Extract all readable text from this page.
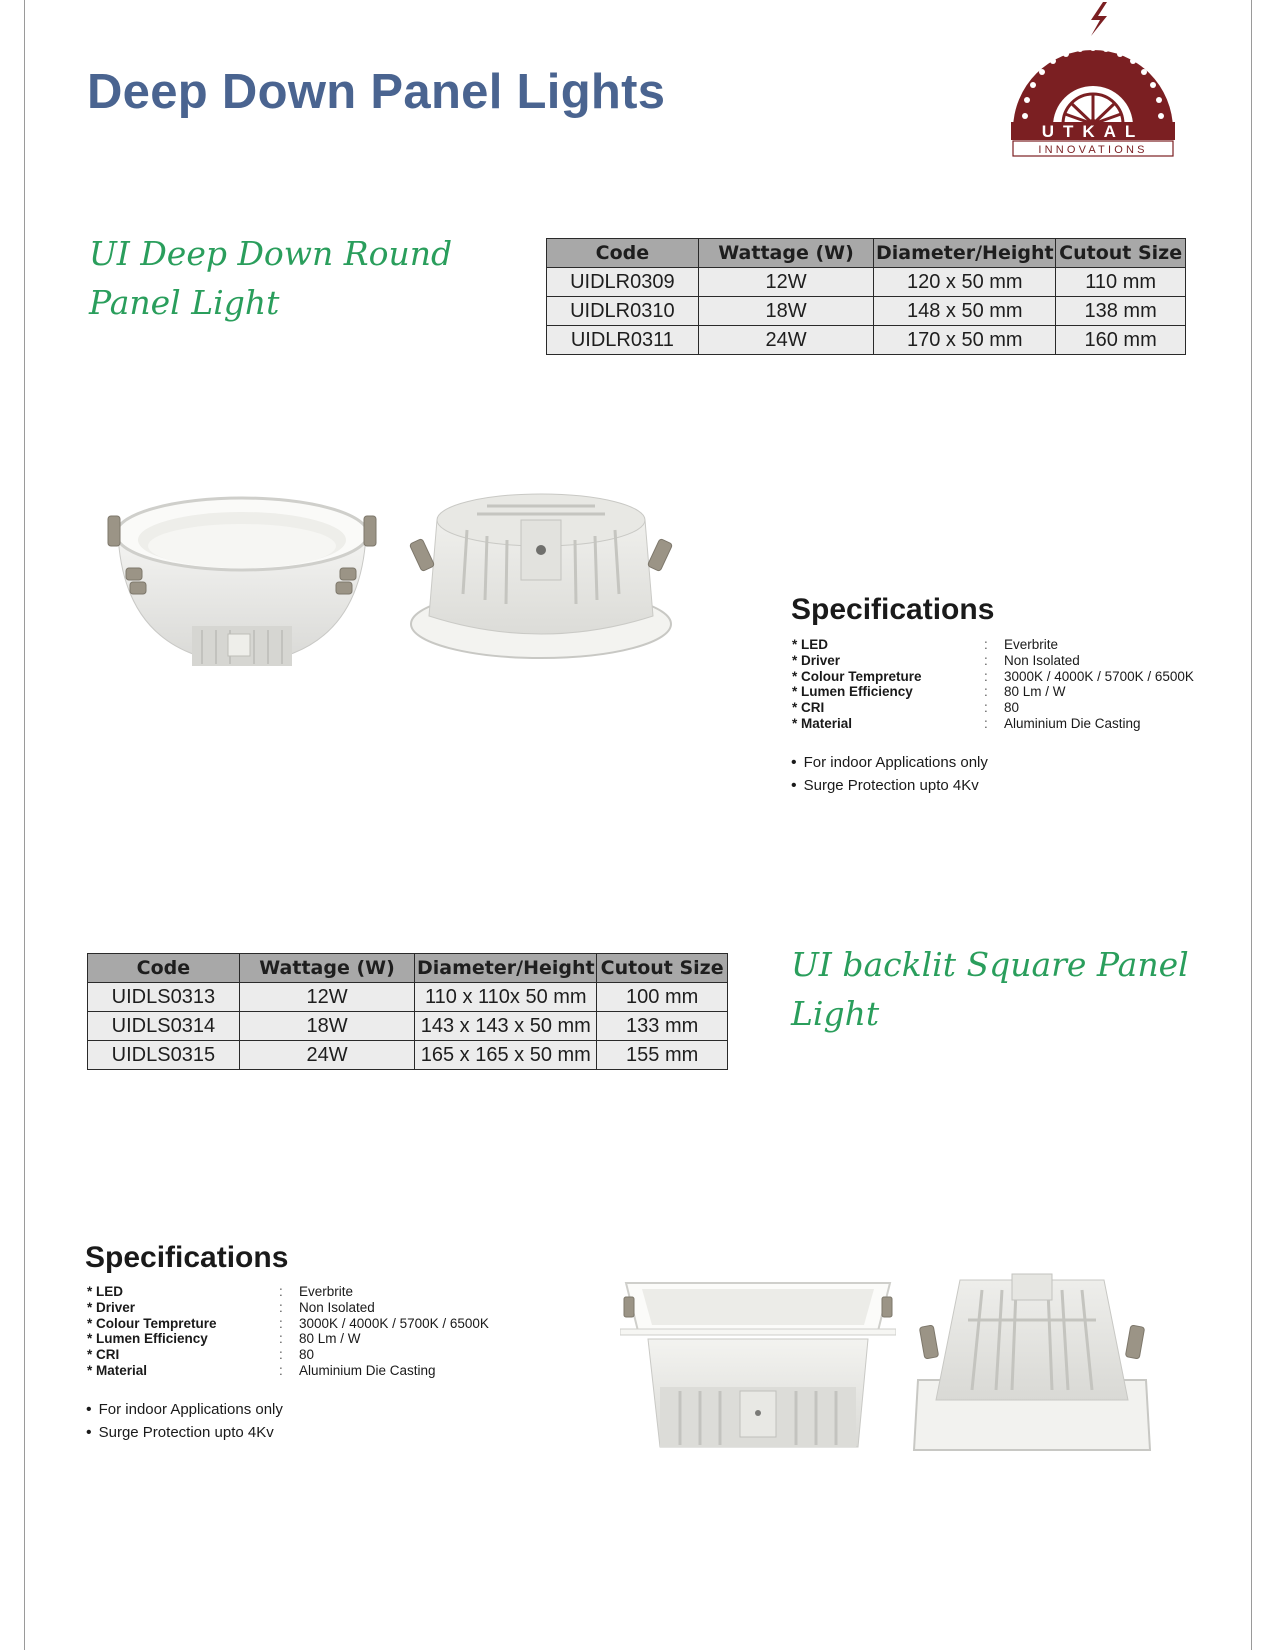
Deep Down Panel Lights
UTKAL
INNOVATIONS
UI Deep Down Round Panel Light
Code	Wattage (W)	Diameter/Height	Cutout Size
UIDLR0309	12W	120 x 50 mm	110 mm
UIDLR0310	18W	148 x 50 mm	138 mm
UIDLR0311	24W	170 x 50 mm	160 mm
Specifications
* LED	:	Everbrite
* Driver	:	Non Isolated
* Colour Tempreture	:	3000K / 4000K / 5700K / 6500K
* Lumen Efficiency	:	80 Lm / W
* CRI	:	80
* Material	:	Aluminium Die Casting
• For indoor Applications only
• Surge Protection upto 4Kv
Code	Wattage (W)	Diameter/Height	Cutout Size
UIDLS0313	12W	110 x 110x 50 mm	100 mm
UIDLS0314	18W	143 x 143 x 50 mm	133 mm
UIDLS0315	24W	165 x 165 x 50 mm	155 mm
UI backlit Square Panel Light
Specifications
* LED	:	Everbrite
* Driver	:	Non Isolated
* Colour Tempreture	:	3000K / 4000K / 5700K / 6500K
* Lumen Efficiency	:	80 Lm / W
* CRI	:	80
* Material	:	Aluminium Die Casting
• For indoor Applications only
• Surge Protection upto 4Kv
